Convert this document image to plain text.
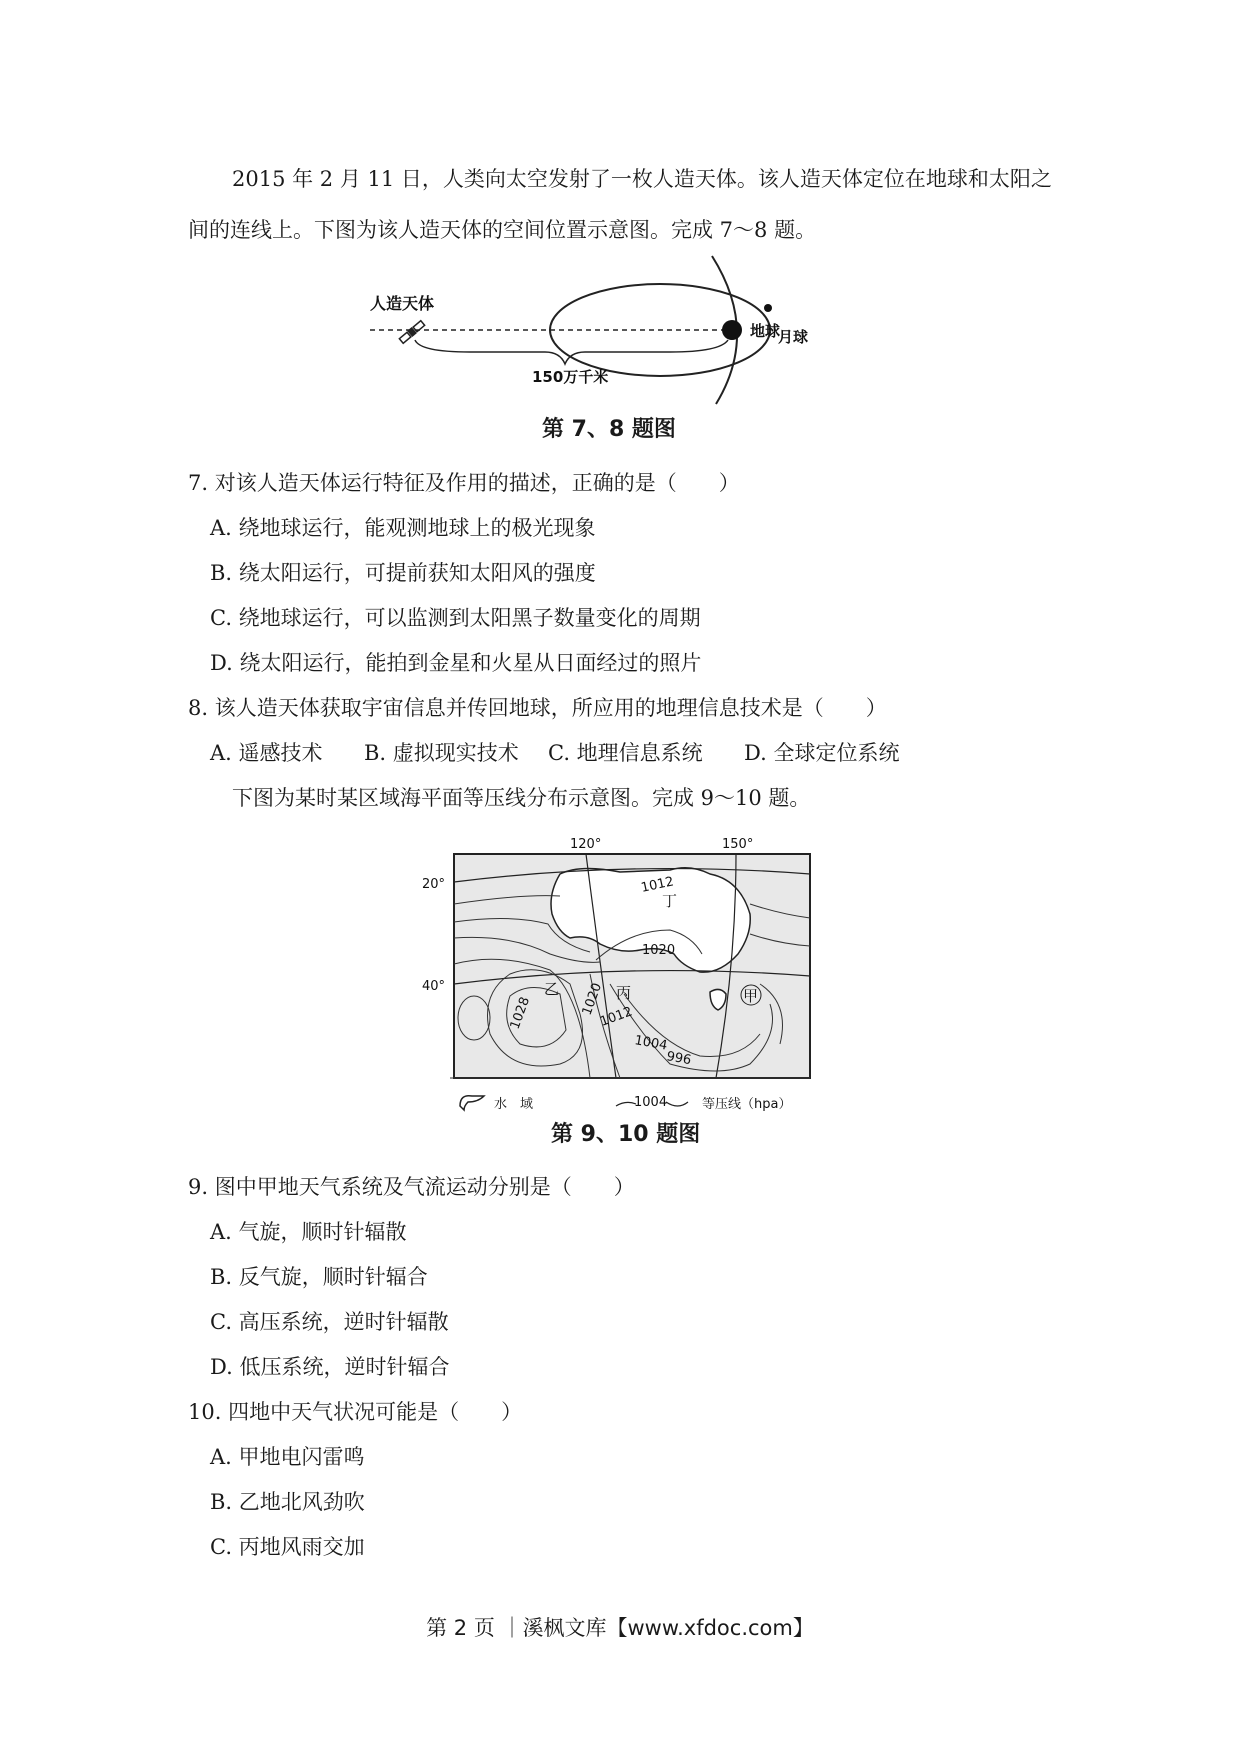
2015 年 2 月 11 日，人类向太空发射了一枚人造天体。该人造天体定位在地球和太阳之
间的连线上。下图为该人造天体的空间位置示意图。完成 7～8 题。
人造天体
地球
月球
150万千米
第 7、8 题图
7. 对该人造天体运行特征及作用的描述，正确的是（　　）
A. 绕地球运行，能观测地球上的极光现象
B. 绕太阳运行，可提前获知太阳风的强度
C. 绕地球运行，可以监测到太阳黑子数量变化的周期
D. 绕太阳运行，能拍到金星和火星从日面经过的照片
8. 该人造天体获取宇宙信息并传回地球，所应用的地理信息技术是（　　）
A. 遥感技术 B. 虚拟现实技术 C. 地理信息系统 D. 全球定位系统
下图为某时某区域海平面等压线分布示意图。完成 9～10 题。
120°	150°
20°
40°
1012
丁
1020
乙	丙	甲
1028	1020
1012
1004
996
水　域	1004	等压线（hpa）
第 9、10 题图
9. 图中甲地天气系统及气流运动分别是（　　）
A. 气旋，顺时针辐散
B. 反气旋，顺时针辐合
C. 高压系统，逆时针辐散
D. 低压系统，逆时针辐合
10. 四地中天气状况可能是（　　）
A. 甲地电闪雷鸣
B. 乙地北风劲吹
C. 丙地风雨交加
第 2 页 ｜溪枫文库【www.xfdoc.com】
